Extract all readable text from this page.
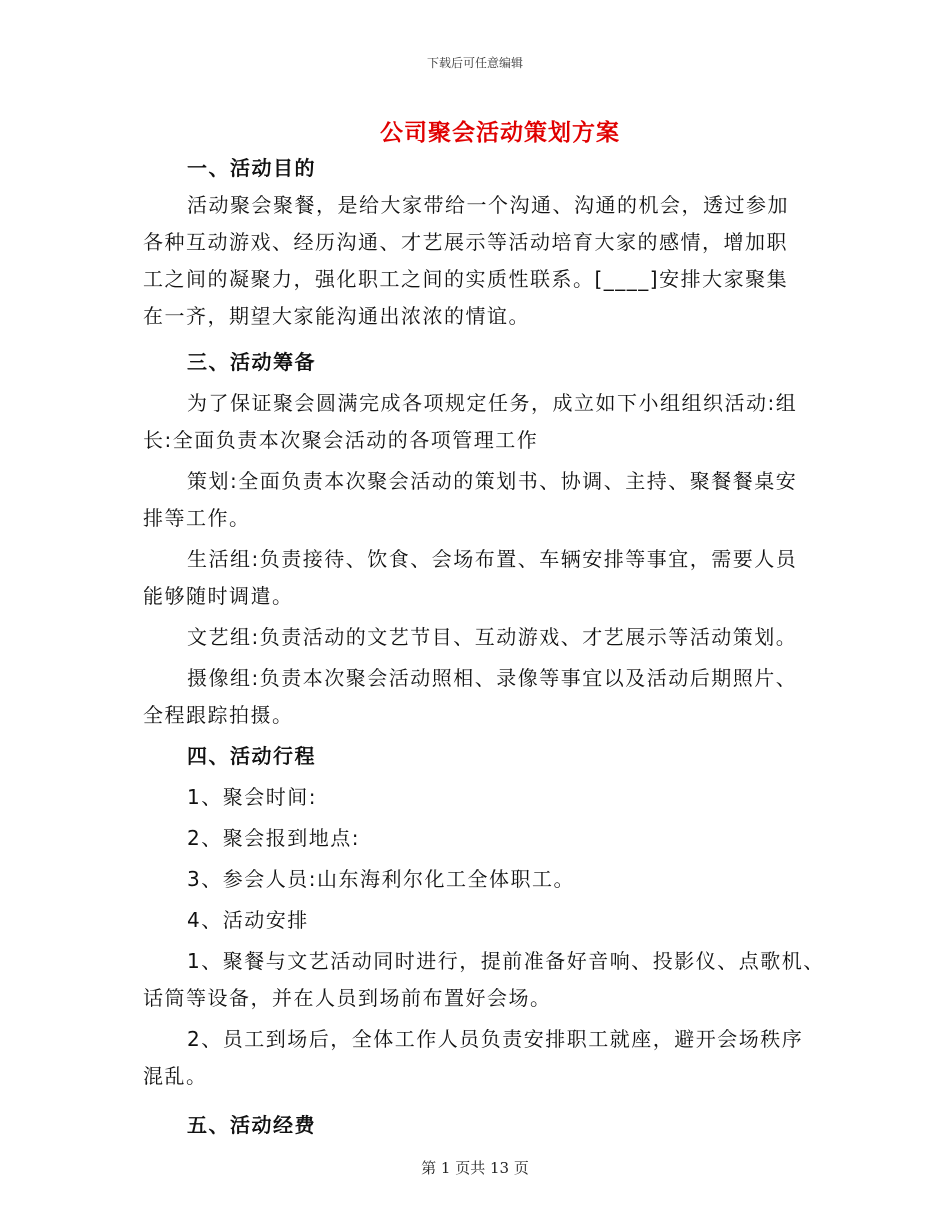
下载后可任意编辑
公司聚会活动策划方案
一、活动目的
活动聚会聚餐，是给大家带给一个沟通、沟通的机会，透过参加
各种互动游戏、经历沟通、才艺展示等活动培育大家的感情，增加职
工之间的凝聚力，强化职工之间的实质性联系。[____]安排大家聚集
在一齐，期望大家能沟通出浓浓的情谊。
三、活动筹备
为了保证聚会圆满完成各项规定任务，成立如下小组组织活动:组
长:全面负责本次聚会活动的各项管理工作
策划:全面负责本次聚会活动的策划书、协调、主持、聚餐餐桌安
排等工作。
生活组:负责接待、饮食、会场布置、车辆安排等事宜，需要人员
能够随时调遣。
文艺组:负责活动的文艺节目、互动游戏、才艺展示等活动策划。
摄像组:负责本次聚会活动照相、录像等事宜以及活动后期照片、
全程跟踪拍摄。
四、活动行程
1、聚会时间:
2、聚会报到地点:
3、参会人员:山东海利尔化工全体职工。
4、活动安排
1、聚餐与文艺活动同时进行，提前准备好音响、投影仪、点歌机、
话筒等设备，并在人员到场前布置好会场。
2、员工到场后，全体工作人员负责安排职工就座，避开会场秩序
混乱。
五、活动经费
第 1 页共 13 页
